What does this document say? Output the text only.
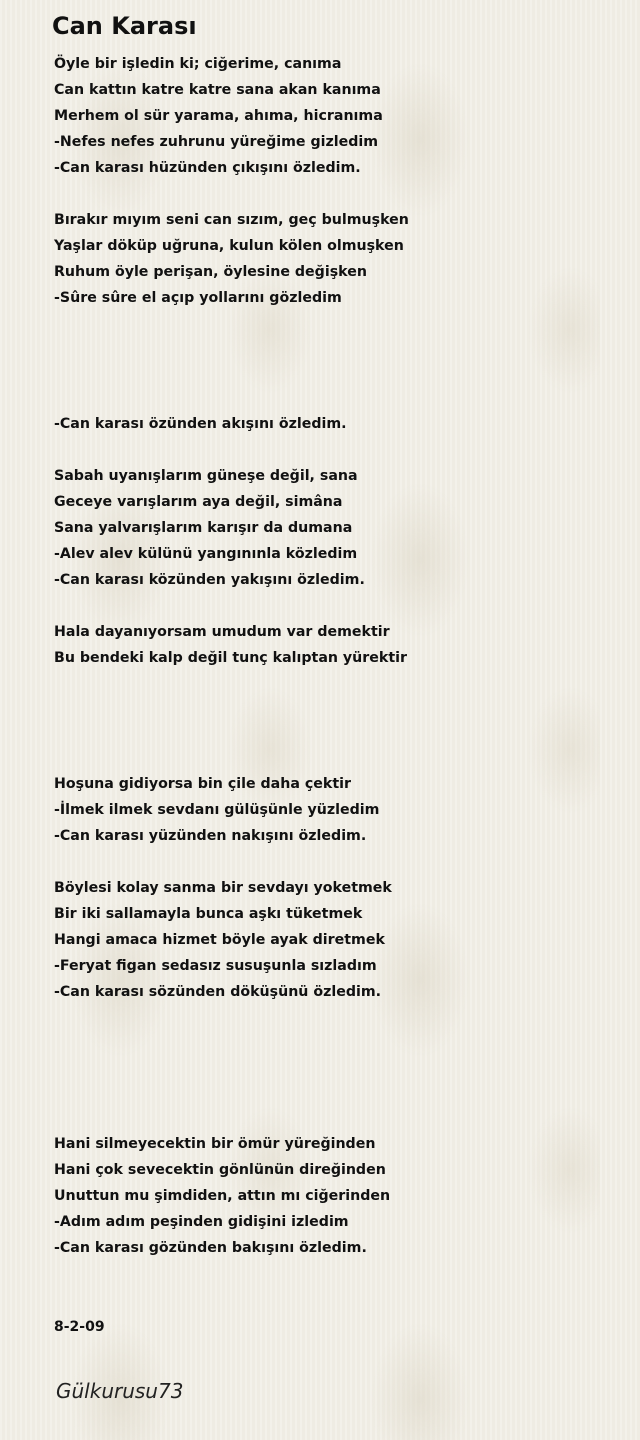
Can Karası
Öyle bir işledin ki; ciğerime, canıma
Can kattın katre katre sana akan kanıma
Merhem ol sür yarama, ahıma, hicranıma
-Nefes nefes zuhrunu yüreğime gizledim
-Can karası hüzünden çıkışını özledim.
Bırakır mıyım seni can sızım, geç bulmuşken
Yaşlar döküp uğruna, kulun kölen olmuşken
Ruhum öyle perişan, öylesine değişken
-Sûre sûre el açıp yollarını gözledim
-Can karası özünden akışını özledim.
Sabah uyanışlarım güneşe değil, sana
Geceye varışlarım aya değil, simâna
Sana yalvarışlarım karışır da dumana
-Alev alev külünü yangınınla közledim
-Can karası közünden yakışını özledim.
Hala dayanıyorsam umudum var demektir
Bu bendeki kalp değil tunç kalıptan yürektir
Hoşuna gidiyorsa bin çile daha çektir
-İlmek ilmek sevdanı gülüşünle yüzledim
-Can karası yüzünden nakışını özledim.
Böylesi kolay sanma bir sevdayı yoketmek
Bir iki sallamayla bunca aşkı tüketmek
Hangi amaca hizmet böyle ayak diretmek
-Feryat figan sedasız susuşunla sızladım
-Can karası sözünden döküşünü özledim.
Hani silmeyecektin bir ömür yüreğinden
Hani çok sevecektin gönlünün direğinden
Unuttun mu şimdiden, attın mı ciğerinden
-Adım adım peşinden gidişini izledim
-Can karası gözünden bakışını özledim.
8-2-09
Gülkurusu73
